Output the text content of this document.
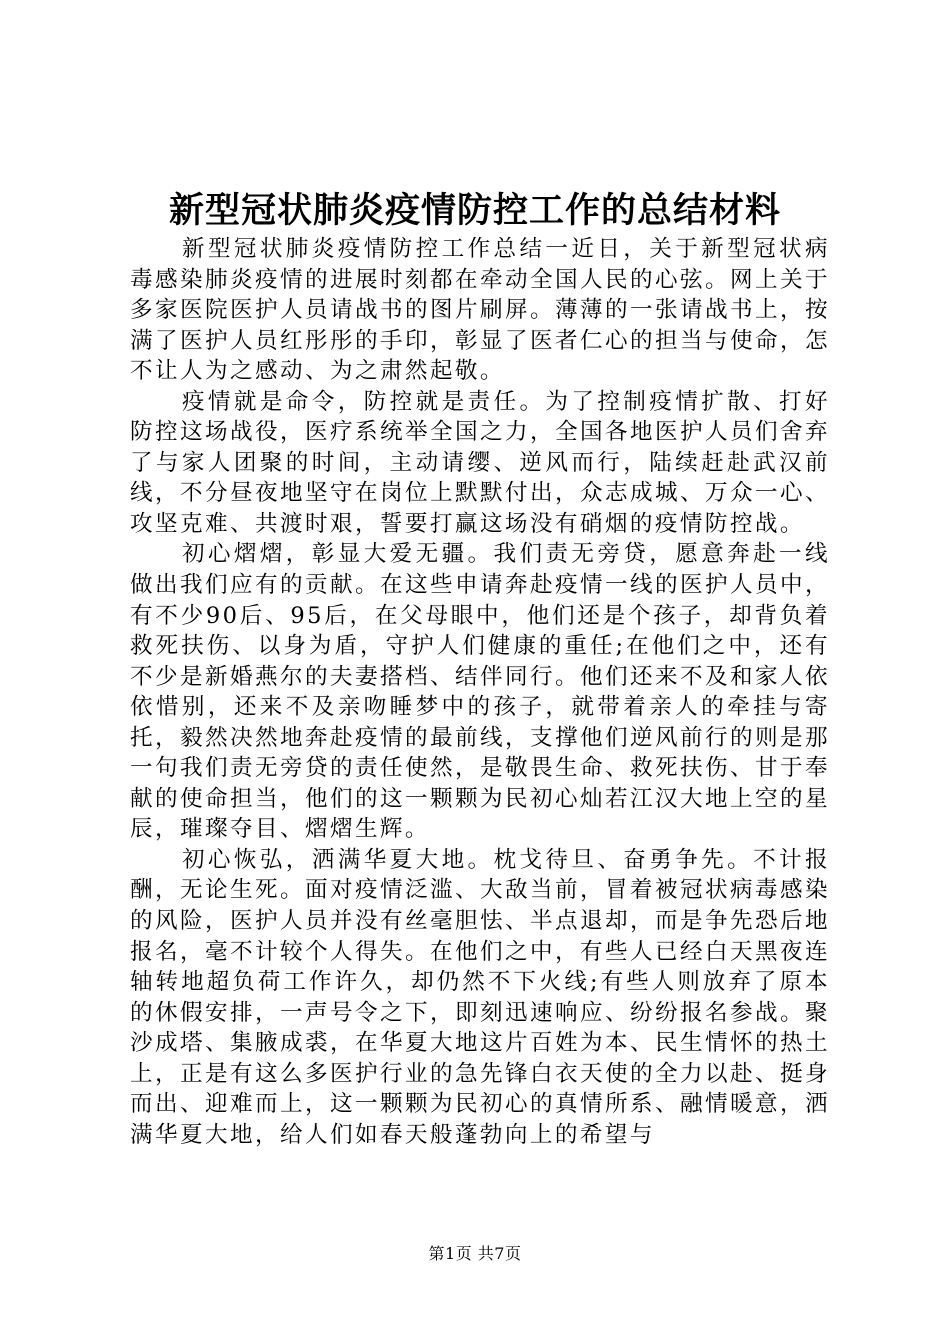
新型冠状肺炎疫情防控工作的总结材料

新型冠状肺炎疫情防控工作总结一近日，关于新型冠状病毒感染肺炎疫情的进展时刻都在牵动全国人民的心弦。网上关于多家医院医护人员请战书的图片刷屏。薄薄的一张请战书上，按满了医护人员红彤彤的手印，彰显了医者仁心的担当与使命，怎不让人为之感动、为之肃然起敬。

疫情就是命令，防控就是责任。为了控制疫情扩散、打好防控这场战役，医疗系统举全国之力，全国各地医护人员们舍弃了与家人团聚的时间，主动请缨、逆风而行，陆续赶赴武汉前线，不分昼夜地坚守在岗位上默默付出，众志成城、万众一心、攻坚克难、共渡时艰，誓要打赢这场没有硝烟的疫情防控战。

初心熠熠，彰显大爱无疆。我们责无旁贷，愿意奔赴一线做出我们应有的贡献。在这些申请奔赴疫情一线的医护人员中，有不少90后、95后，在父母眼中，他们还是个孩子，却背负着救死扶伤、以身为盾，守护人们健康的重任;在他们之中，还有不少是新婚燕尔的夫妻搭档、结伴同行。他们还来不及和家人依依惜别，还来不及亲吻睡梦中的孩子，就带着亲人的牵挂与寄托，毅然决然地奔赴疫情的最前线，支撑他们逆风前行的则是那一句我们责无旁贷的责任使然，是敬畏生命、救死扶伤、甘于奉献的使命担当，他们的这一颗颗为民初心灿若江汉大地上空的星辰，璀璨夺目、熠熠生辉。

初心恢弘，洒满华夏大地。枕戈待旦、奋勇争先。不计报酬，无论生死。面对疫情泛滥、大敌当前，冒着被冠状病毒感染的风险，医护人员并没有丝毫胆怯、半点退却，而是争先恐后地报名，毫不计较个人得失。在他们之中，有些人已经白天黑夜连轴转地超负荷工作许久，却仍然不下火线;有些人则放弃了原本的休假安排，一声号令之下，即刻迅速响应、纷纷报名参战。聚沙成塔、集腋成裘，在华夏大地这片百姓为本、民生情怀的热土上，正是有这么多医护行业的急先锋白衣天使的全力以赴、挺身而出、迎难而上，这一颗颗为民初心的真情所系、融情暖意，洒满华夏大地，给人们如春天般蓬勃向上的希望与

第1页 共7页
